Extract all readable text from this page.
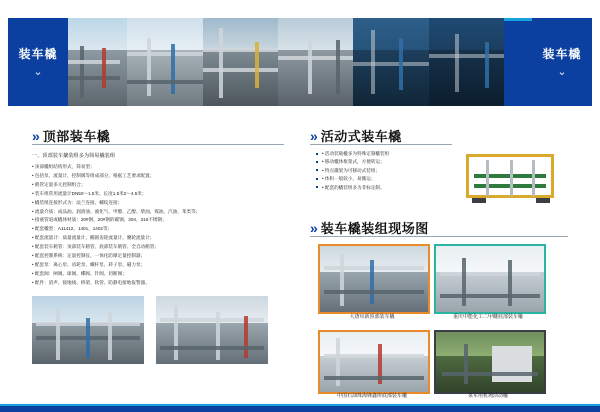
装车橇
⌄
装车橇
⌄
» 顶部装车橇
一、顶部装车撬装组多为简易橇装组

• 顶部橇组结构形式，简易型；

• 包括泵、流量计、控制阀等组成部分，根据工艺要求配置；

• 鹤管定量多元控制组合；

• 装车组常用流量计DN50～1.5米、长度1.5米2～4.5米；

• 橇装组连接形式为：法兰连接、螺纹连接；

• 流量介质：成品油、润滑油、液化气、甲醇、乙醇、柴油、煤油、汽油、苯类等；

• 接液管道或橇体材质：20#钢、20#钢的碳钢、304、316不锈钢；

• 配套橇型：A11412、1401、1402等；

• 配套流量计：质量流量计、椭圆齿轮流量计、腰轮流量计；

• 配套装车鹤管：顶部装车鹤管、底部装车鹤管、全自动鹤管；

• 配套控制系统：定量控制仪、一体化防爆定量控制器；

• 配套泵：离心泵、齿轮泵、螺杆泵、转子泵、磁力泵；

• 配套阀：闸阀、球阀、蝶阀、针阀、切断阀；

• 配件：消声、接地线、桥架、软管、防静电接地报警器。

» 活动式装车橇
• 活动装载橇多为特殊定制橇装组
• 移动橇体框架式，方便转运；
• 特点撬架为可移动式装组；
• 体积一般较小，易搬运；
• 配套的橇装组多为非标定制。
» 装车橇装组现场图
大唐阜新顶部装车橇	重庆中能化工二甲醚底部装车橇
中国石油珠海锋鑫库底部装车橇	某军用机场活动橇
